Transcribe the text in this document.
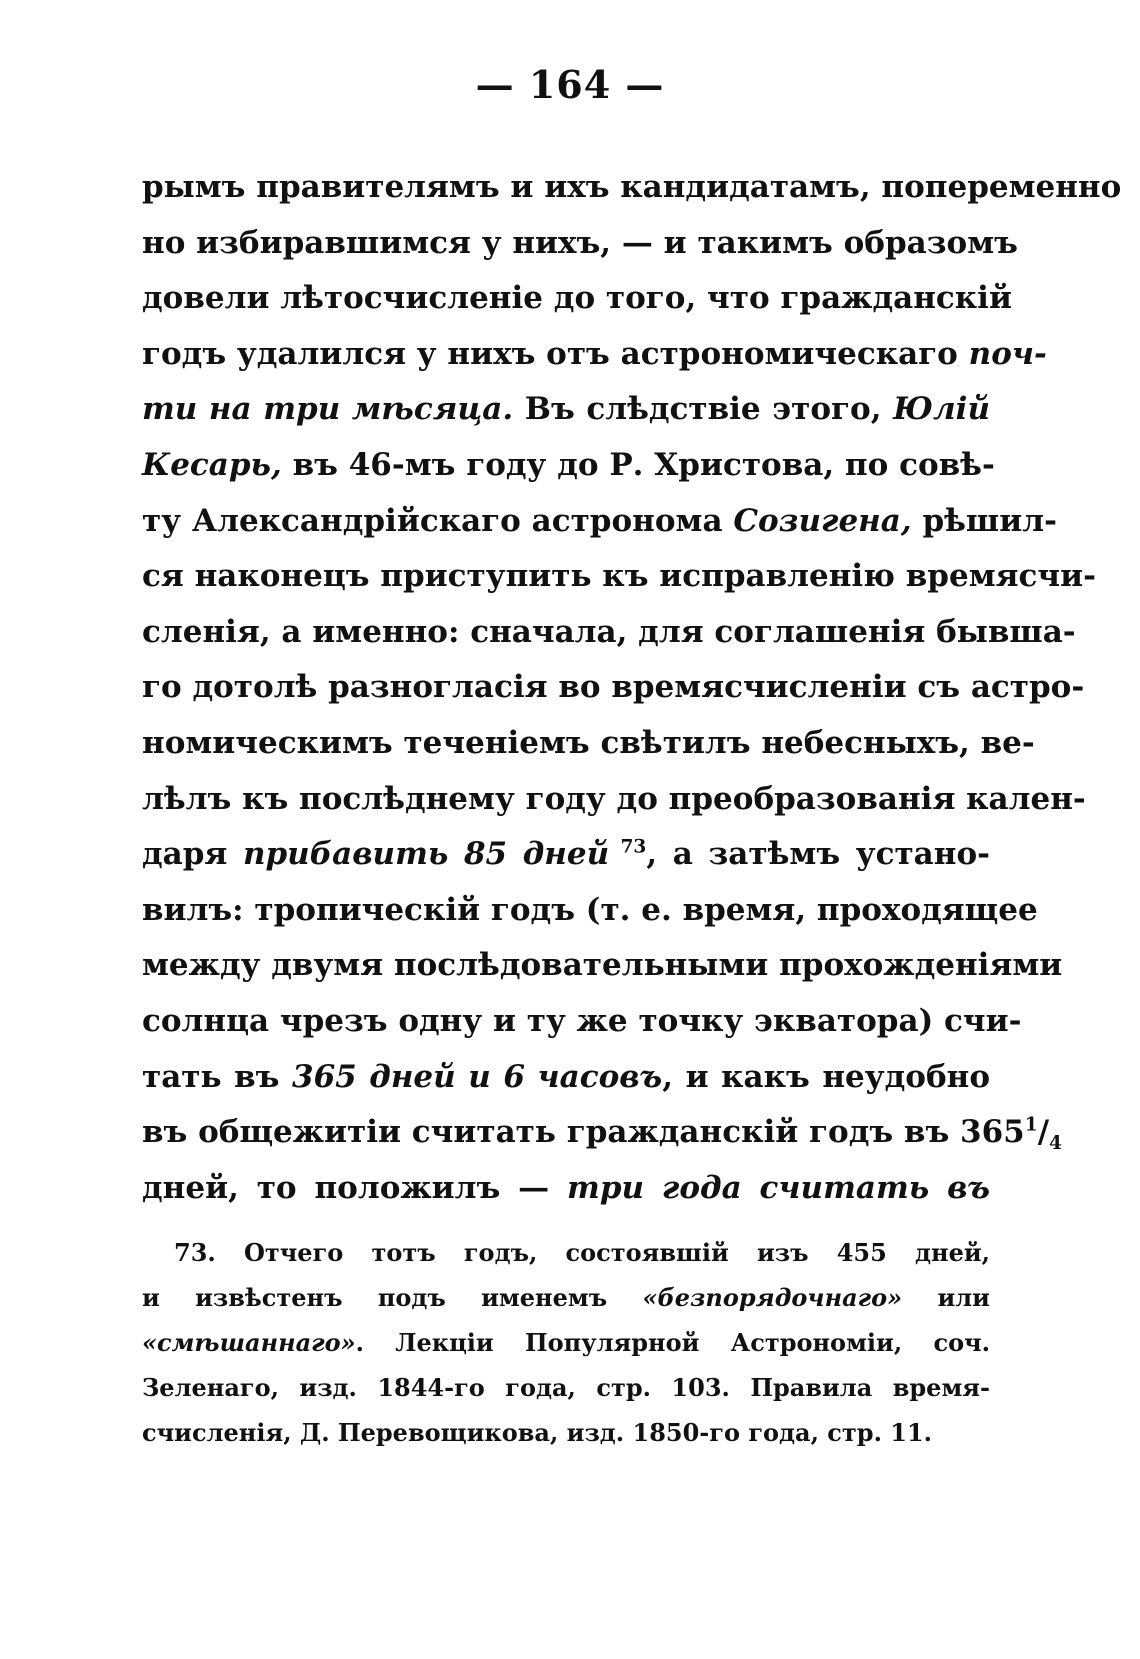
— 164 —
рымъ правителямъ и ихъ кандидатамъ, попеременно
но избиравшимся у нихъ, — и такимъ образомъ
довели лѣтосчисленіе до того, что гражданскій
годъ удалился у нихъ отъ астрономическаго поч-
ти на три мѣсяца. Въ слѣдствіе этого, Юлій
Кесарь, въ 46-мъ году до Р. Христова, по совѣ-
ту Александрійскаго астронома Созигена, рѣшил-
ся наконецъ приступить къ исправленію времясчи-
сленія, а именно: сначала, для соглашенія бывша-
го дотолѣ разногласія во времясчисленіи съ астро-
номическимъ теченіемъ свѣтилъ небесныхъ, ве-
лѣлъ къ послѣднему году до преобразованія кален-
даря прибавить 85 дней $^{73}$, а затѣмъ устано-
вилъ: тропическій годъ (т. е. время, проходящее
между двумя послѣдовательными прохожденіями
солнца чрезъ одну и ту же точку экватора) счи-
тать въ 365 дней и 6 часовъ, и какъ неудобно
въ общежитіи считать гражданскій годъ въ $365^1/_4$
дней, то положилъ — три года считать въ
73. Отчего тотъ годъ, состоявшій изъ 455 дней,
и извѣстенъ подъ именемъ «безпорядочнаго» или
«смѣшаннаго». Лекціи Популярной Астрономіи, соч.
Зеленаго, изд. 1844-го года, стр. 103. Правила время-
счисленія, Д. Перевощикова, изд. 1850-го года, стр. 11.
